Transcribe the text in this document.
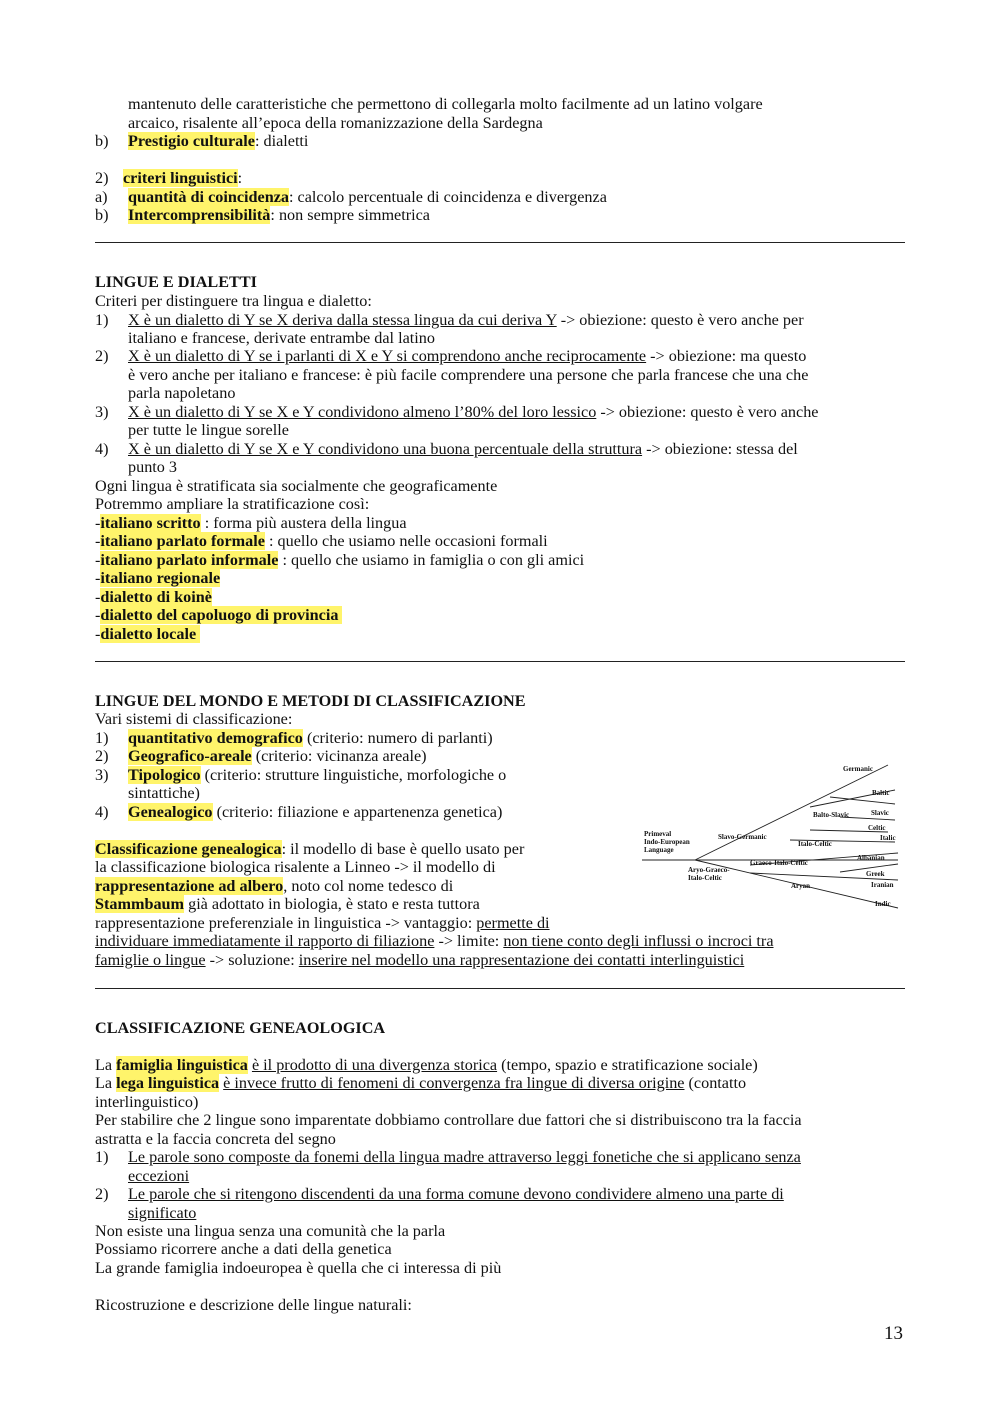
mantenuto delle caratteristiche che permettono di collegarla molto facilmente ad un latino volgare
arcaico, risalente all’epoca della romanizzazione della Sardegna
b) Prestigio culturale: dialetti
2) criteri linguistici:
a) quantità di coincidenza: calcolo percentuale di coincidenza e divergenza
b) Intercomprensibilità: non sempre simmetrica
LINGUE E DIALETTI
Criteri per distinguere tra lingua e dialetto:
1) X è un dialetto di Y se X deriva dalla stessa lingua da cui deriva Y -> obiezione: questo è vero anche per
italiano e francese, derivate entrambe dal latino
2) X è un dialetto di Y se i parlanti di X e Y si comprendono anche reciprocamente -> obiezione: ma questo
è vero anche per italiano e francese: è più facile comprendere una persone che parla francese che una che
parla napoletano
3) X è un dialetto di Y se X e Y condividono almeno l’80% del loro lessico -> obiezione: questo è vero anche
per tutte le lingue sorelle
4) X è un dialetto di Y se X e Y condividono una buona percentuale della struttura -> obiezione: stessa del
punto 3
Ogni lingua è stratificata sia socialmente che geograficamente
Potremmo ampliare la stratificazione così:
-italiano scritto : forma più austera della lingua
-italiano parlato formale : quello che usiamo nelle occasioni formali
-italiano parlato informale : quello che usiamo in famiglia o con gli amici
-italiano regionale
-dialetto di koinè
-dialetto del capoluogo di provincia
-dialetto locale
LINGUE DEL MONDO E METODI DI CLASSIFICAZIONE
Vari sistemi di classificazione:
1) quantitativo demografico (criterio: numero di parlanti)
2) Geografico-areale (criterio: vicinanza areale)
3) Tipologico (criterio: strutture linguistiche, morfologiche o
sintattiche)
4) Genealogico (criterio: filiazione e appartenenza genetica)
Classificazione genealogica: il modello di base è quello usato per
la classificazione biologica risalente a Linneo -> il modello di
rappresentazione ad albero, noto col nome tedesco di
Stammbaum già adottato in biologia, è stato e resta tuttora
rappresentazione preferenziale in linguistica -> vantaggio: permette di
individuare immediatamente il rapporto di filiazione -> limite: non tiene conto degli influssi o incroci tra
famiglie o lingue -> soluzione: inserire nel modello una rappresentazione dei contatti interlinguistici
Primeval
Indo-European
Language
Slavo-Germanic
Aryo-Graeco-
Italo-Celtic
Germanic
Baltic
Balto-Slavic	Slavic
Celtic
Italo-Celtic
Italic
Graeco-Italo-Celtic
Albanian
Greek
Iranian
Aryan
Indic
CLASSIFICAZIONE GENEAOLOGICA
La famiglia linguistica è il prodotto di una divergenza storica (tempo, spazio e stratificazione sociale)
La lega linguistica è invece frutto di fenomeni di convergenza fra lingue di diversa origine (contatto
interlinguistico)
Per stabilire che 2 lingue sono imparentate dobbiamo controllare due fattori che si distribuiscono tra la faccia
astratta e la faccia concreta del segno
1) Le parole sono composte da fonemi della lingua madre attraverso leggi fonetiche che si applicano senza
eccezioni
2) Le parole che si ritengono discendenti da una forma comune devono condividere almeno una parte di
significato
Non esiste una lingua senza una comunità che la parla
Possiamo ricorrere anche a dati della genetica
La grande famiglia indoeuropea è quella che ci interessa di più
Ricostruzione e descrizione delle lingue naturali:
13
